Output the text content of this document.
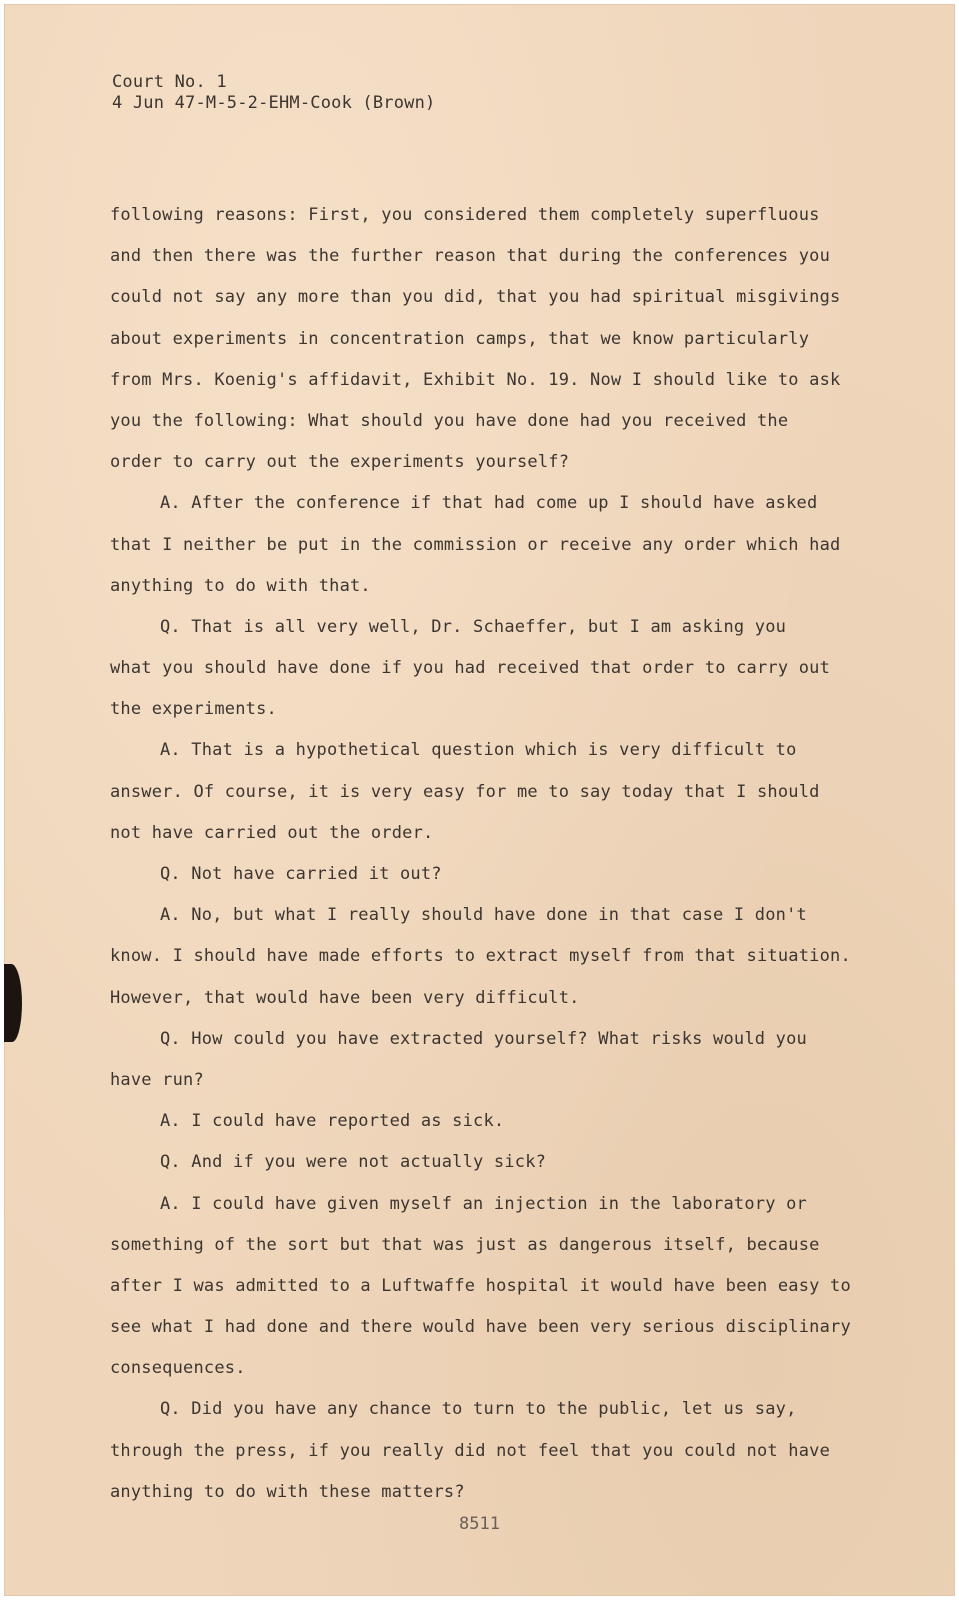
Court No. 1
4 Jun 47-M-5-2-EHM-Cook (Brown)
following reasons: First, you considered them completely superfluous
and then there was the further reason that during the conferences you
could not say any more than you did, that you had spiritual misgivings
about experiments in concentration camps, that we know particularly
from Mrs. Koenig's affidavit, Exhibit No. 19. Now I should like to ask
you the following: What should you have done had you received the
order to carry out the experiments yourself?
A. After the conference if that had come up I should have asked
that I neither be put in the commission or receive any order which had
anything to do with that.
Q. That is all very well, Dr. Schaeffer, but I am asking you
what you should have done if you had received that order to carry out
the experiments.
A. That is a hypothetical question which is very difficult to
answer. Of course, it is very easy for me to say today that I should
not have carried out the order.
Q. Not have carried it out?
A. No, but what I really should have done in that case I don't
know. I should have made efforts to extract myself from that situation.
However, that would have been very difficult.
Q. How could you have extracted yourself? What risks would you
have run?
A. I could have reported as sick.
Q. And if you were not actually sick?
A. I could have given myself an injection in the laboratory or
something of the sort but that was just as dangerous itself, because
after I was admitted to a Luftwaffe hospital it would have been easy to
see what I had done and there would have been very serious disciplinary
consequences.
Q. Did you have any chance to turn to the public, let us say,
through the press, if you really did not feel that you could not have
anything to do with these matters?
8511
